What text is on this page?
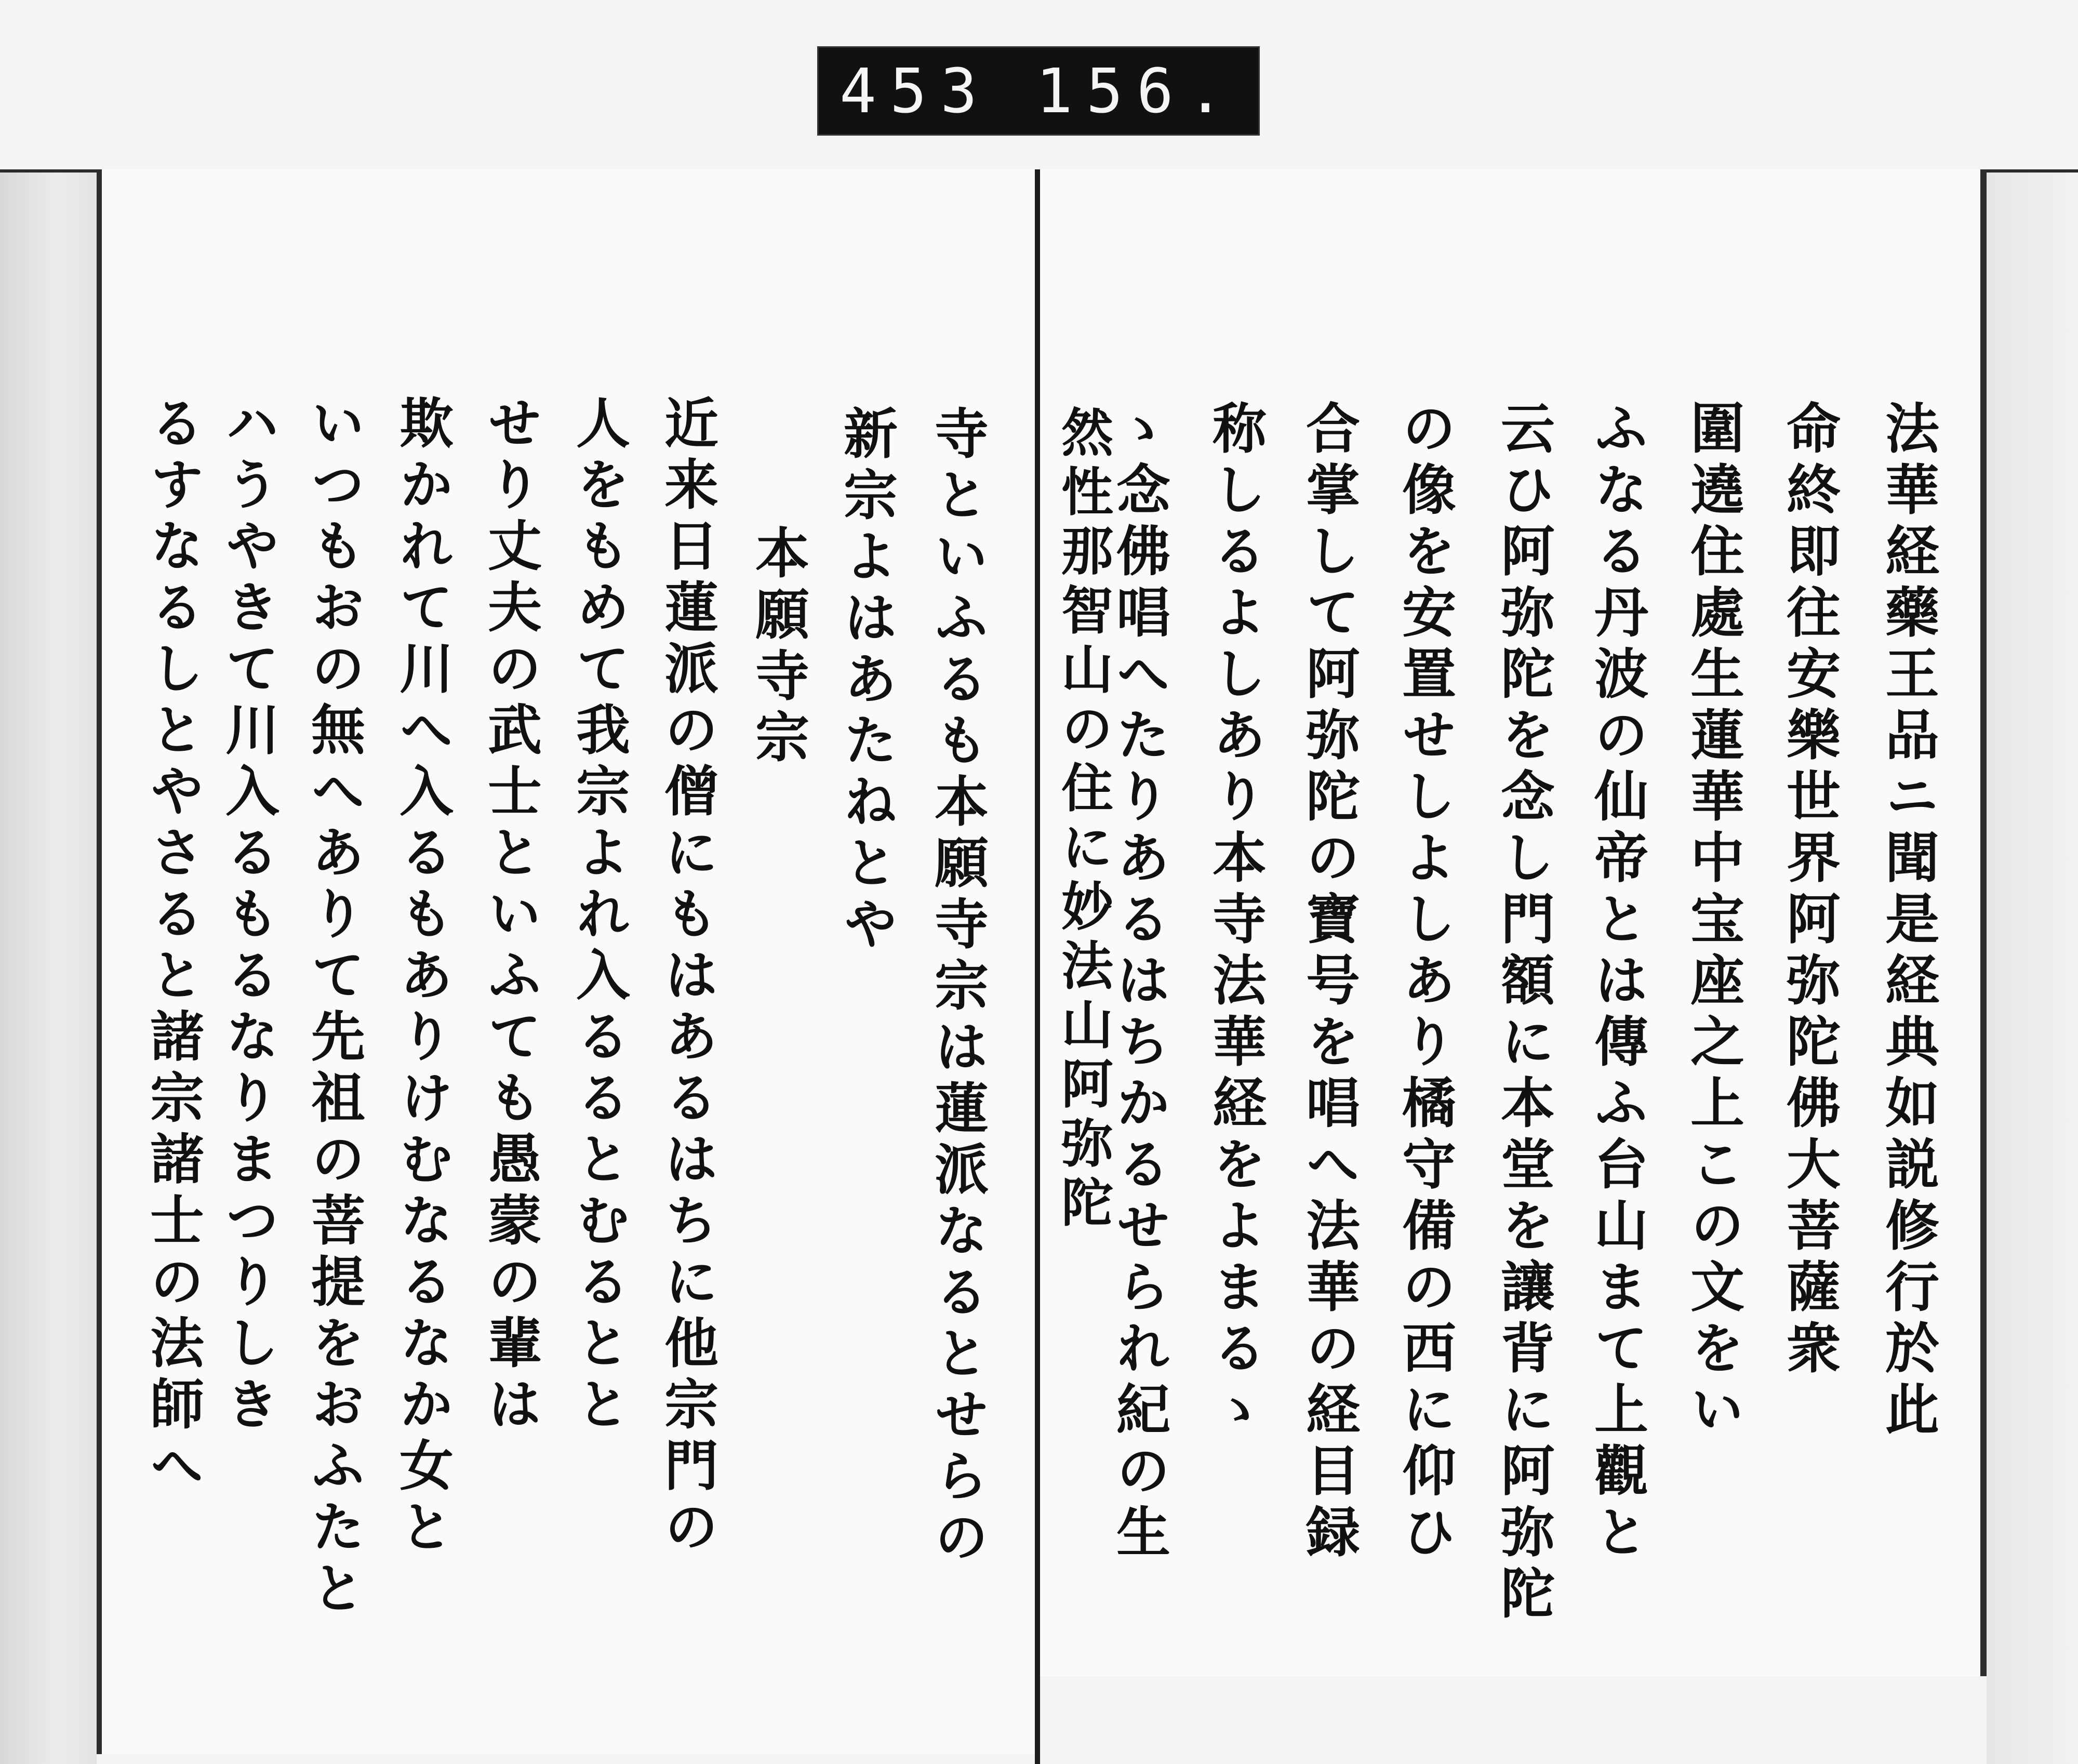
453 156.
法華経藥王品ニ聞是経典如説修行於此
命終即往安樂世界阿弥陀佛大菩薩衆
圍遶住處生蓮華中宝座之上この文をい
ふなる丹波の仙帝とは傳ふ台山まて上觀と
云ひ阿弥陀を念し門額に本堂を讓背に阿弥陀
の像を安置せしよしあり橘守備の西に仰ひ
合掌して阿弥陀の寶号を唱へ法華の経目録
称しるよしあり本寺法華経をよまるゝ
ゝ念佛唱へたりあるはちかるせられ紀の生
然性那智山の住に妙法山阿弥陀
寺といふるも本願寺宗は蓮派なるとせらの
新宗よはあたねとや
本願寺宗
近来日蓮派の僧にもはあるはちに他宗門の
人をもめて我宗よれ入るるとむるとと
せり丈夫の武士といふても愚蒙の輩は
欺かれて川へ入るもありけむなるなか女と
いつもおの無へありて先祖の菩提をおふたと
ハうやきて川入るもるなりまつりしき
るすなるしとやさると諸宗諸士の法師へ
